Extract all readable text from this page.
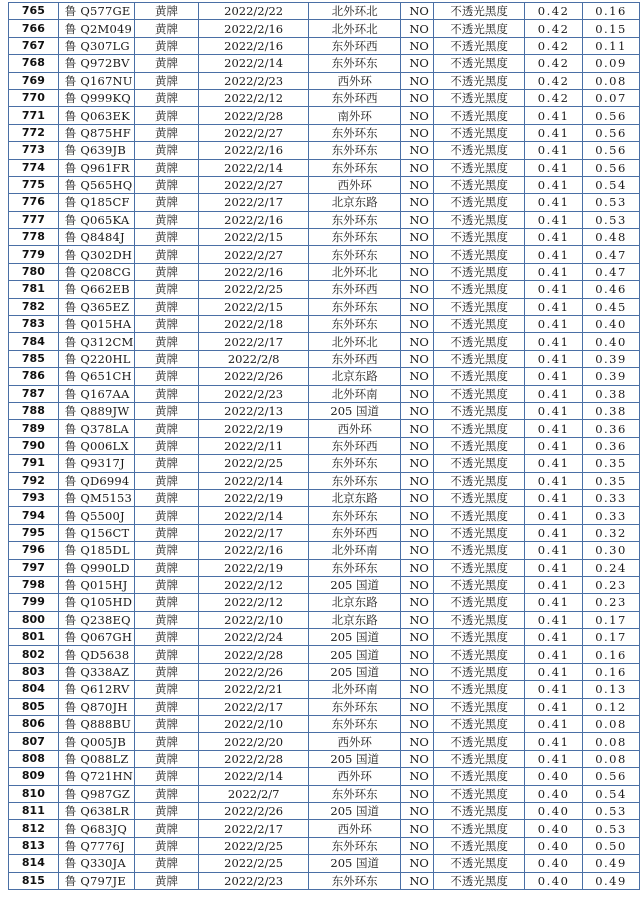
765	鲁 Q577GE	黄牌	2022/2/22	北外环北	NO	不透光黑度	0.42	0.16
766	鲁 Q2M049	黄牌	2022/2/16	北外环北	NO	不透光黑度	0.42	0.15
767	鲁 Q307LG	黄牌	2022/2/16	东外环西	NO	不透光黑度	0.42	0.11
768	鲁 Q972BV	黄牌	2022/2/14	东外环东	NO	不透光黑度	0.42	0.09
769	鲁 Q167NU	黄牌	2022/2/23	西外环	NO	不透光黑度	0.42	0.08
770	鲁 Q999KQ	黄牌	2022/2/12	东外环西	NO	不透光黑度	0.42	0.07
771	鲁 Q063EK	黄牌	2022/2/28	南外环	NO	不透光黑度	0.41	0.56
772	鲁 Q875HF	黄牌	2022/2/27	东外环东	NO	不透光黑度	0.41	0.56
773	鲁 Q639JB	黄牌	2022/2/16	东外环东	NO	不透光黑度	0.41	0.56
774	鲁 Q961FR	黄牌	2022/2/14	东外环东	NO	不透光黑度	0.41	0.56
775	鲁 Q565HQ	黄牌	2022/2/27	西外环	NO	不透光黑度	0.41	0.54
776	鲁 Q185CF	黄牌	2022/2/17	北京东路	NO	不透光黑度	0.41	0.53
777	鲁 Q065KA	黄牌	2022/2/16	东外环东	NO	不透光黑度	0.41	0.53
778	鲁 Q8484J	黄牌	2022/2/15	东外环东	NO	不透光黑度	0.41	0.48
779	鲁 Q302DH	黄牌	2022/2/27	东外环东	NO	不透光黑度	0.41	0.47
780	鲁 Q208CG	黄牌	2022/2/16	北外环北	NO	不透光黑度	0.41	0.47
781	鲁 Q662EB	黄牌	2022/2/25	东外环西	NO	不透光黑度	0.41	0.46
782	鲁 Q365EZ	黄牌	2022/2/15	东外环东	NO	不透光黑度	0.41	0.45
783	鲁 Q015HA	黄牌	2022/2/18	东外环东	NO	不透光黑度	0.41	0.40
784	鲁 Q312CM	黄牌	2022/2/17	北外环北	NO	不透光黑度	0.41	0.40
785	鲁 Q220HL	黄牌	2022/2/8	东外环西	NO	不透光黑度	0.41	0.39
786	鲁 Q651CH	黄牌	2022/2/26	北京东路	NO	不透光黑度	0.41	0.39
787	鲁 Q167AA	黄牌	2022/2/23	北外环南	NO	不透光黑度	0.41	0.38
788	鲁 Q889JW	黄牌	2022/2/13	205 国道	NO	不透光黑度	0.41	0.38
789	鲁 Q378LA	黄牌	2022/2/19	西外环	NO	不透光黑度	0.41	0.36
790	鲁 Q006LX	黄牌	2022/2/11	东外环西	NO	不透光黑度	0.41	0.36
791	鲁 Q9317J	黄牌	2022/2/25	东外环东	NO	不透光黑度	0.41	0.35
792	鲁 QD6994	黄牌	2022/2/14	东外环东	NO	不透光黑度	0.41	0.35
793	鲁 QM5153	黄牌	2022/2/19	北京东路	NO	不透光黑度	0.41	0.33
794	鲁 Q5500J	黄牌	2022/2/14	东外环东	NO	不透光黑度	0.41	0.33
795	鲁 Q156CT	黄牌	2022/2/17	东外环西	NO	不透光黑度	0.41	0.32
796	鲁 Q185DL	黄牌	2022/2/16	北外环南	NO	不透光黑度	0.41	0.30
797	鲁 Q990LD	黄牌	2022/2/19	东外环东	NO	不透光黑度	0.41	0.24
798	鲁 Q015HJ	黄牌	2022/2/12	205 国道	NO	不透光黑度	0.41	0.23
799	鲁 Q105HD	黄牌	2022/2/12	北京东路	NO	不透光黑度	0.41	0.23
800	鲁 Q238EQ	黄牌	2022/2/10	北京东路	NO	不透光黑度	0.41	0.17
801	鲁 Q067GH	黄牌	2022/2/24	205 国道	NO	不透光黑度	0.41	0.17
802	鲁 QD5638	黄牌	2022/2/28	205 国道	NO	不透光黑度	0.41	0.16
803	鲁 Q338AZ	黄牌	2022/2/26	205 国道	NO	不透光黑度	0.41	0.16
804	鲁 Q612RV	黄牌	2022/2/21	北外环南	NO	不透光黑度	0.41	0.13
805	鲁 Q870JH	黄牌	2022/2/17	东外环东	NO	不透光黑度	0.41	0.12
806	鲁 Q888BU	黄牌	2022/2/10	东外环东	NO	不透光黑度	0.41	0.08
807	鲁 Q005JB	黄牌	2022/2/20	西外环	NO	不透光黑度	0.41	0.08
808	鲁 Q088LZ	黄牌	2022/2/28	205 国道	NO	不透光黑度	0.41	0.08
809	鲁 Q721HN	黄牌	2022/2/14	西外环	NO	不透光黑度	0.40	0.56
810	鲁 Q987GZ	黄牌	2022/2/7	东外环东	NO	不透光黑度	0.40	0.54
811	鲁 Q638LR	黄牌	2022/2/26	205 国道	NO	不透光黑度	0.40	0.53
812	鲁 Q683JQ	黄牌	2022/2/17	西外环	NO	不透光黑度	0.40	0.53
813	鲁 Q7776J	黄牌	2022/2/25	东外环东	NO	不透光黑度	0.40	0.50
814	鲁 Q330JA	黄牌	2022/2/25	205 国道	NO	不透光黑度	0.40	0.49
815	鲁 Q797JE	黄牌	2022/2/23	东外环东	NO	不透光黑度	0.40	0.49
